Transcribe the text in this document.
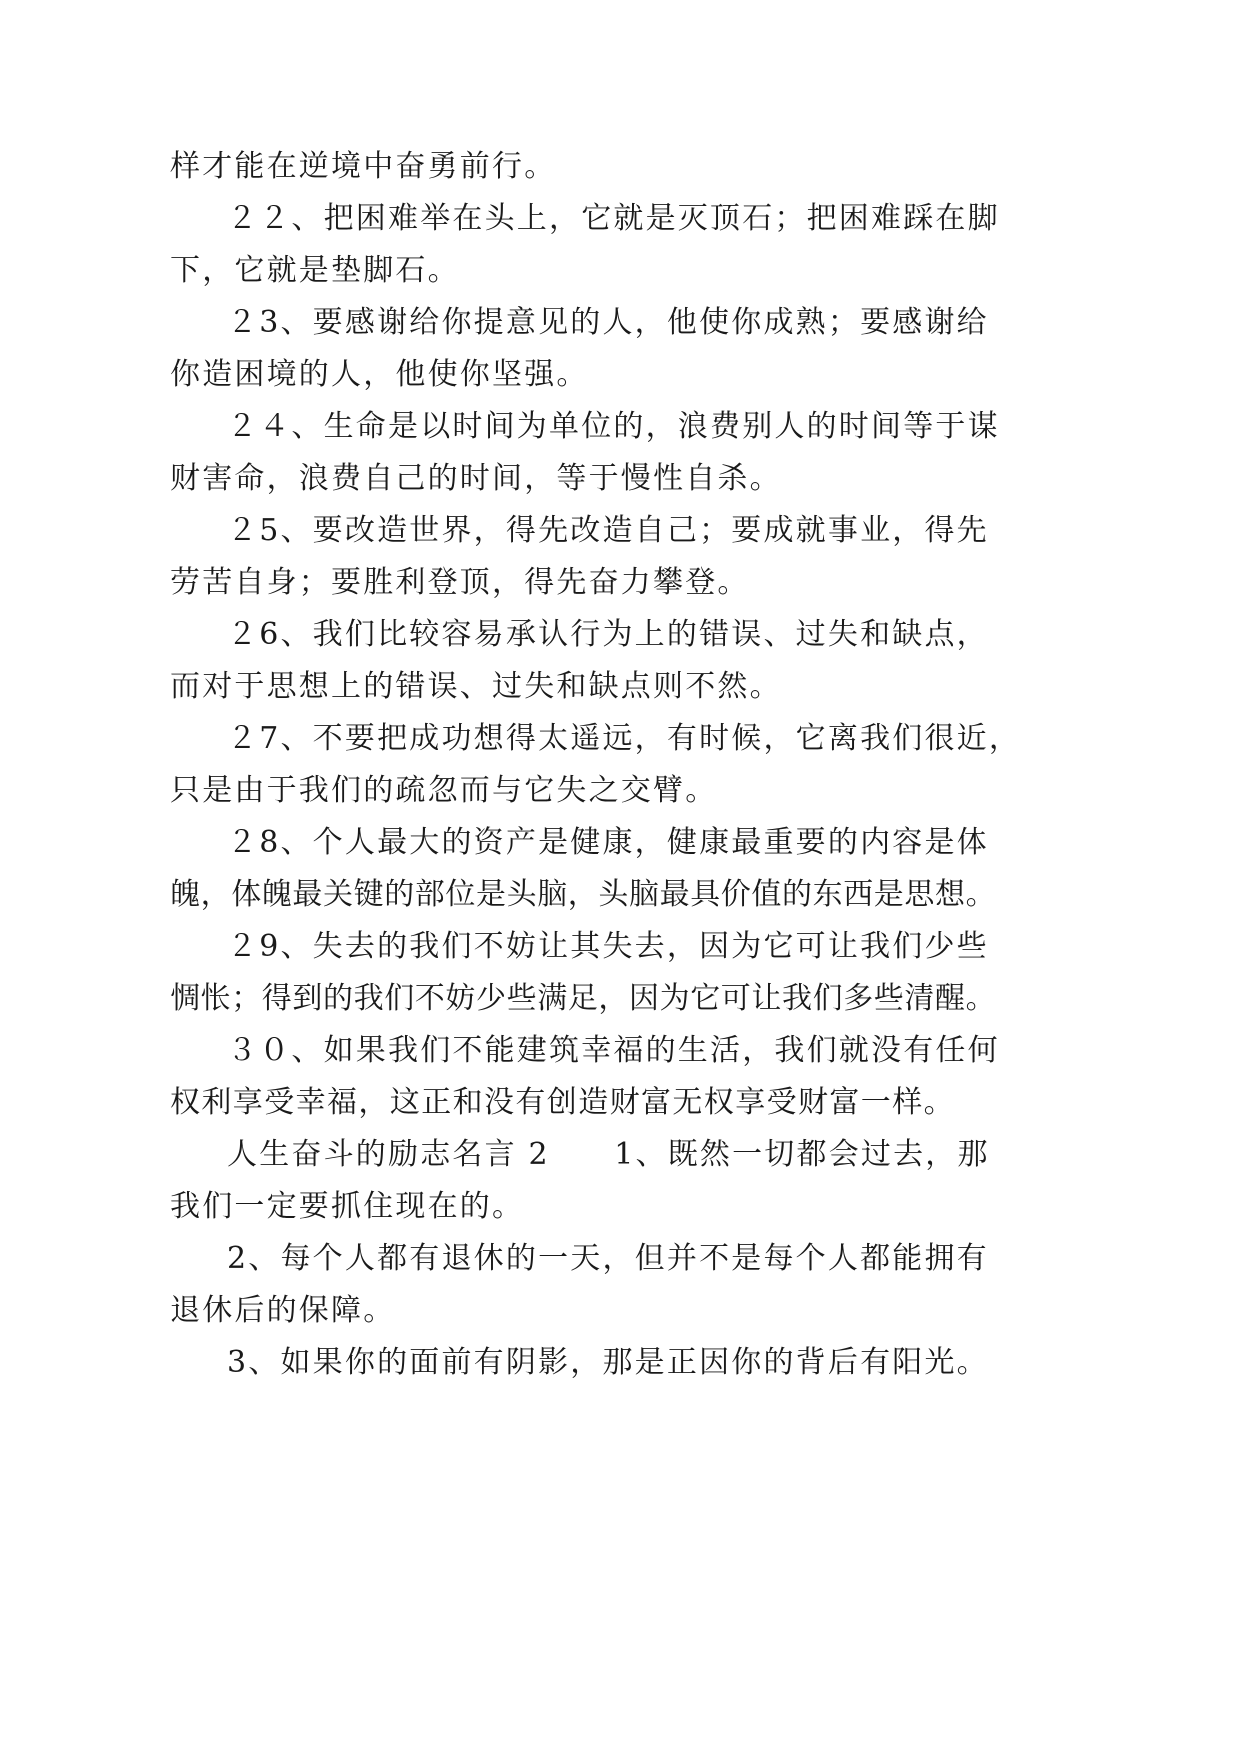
样才能在逆境中奋勇前行。

２２、把困难举在头上，它就是灭顶石；把困难踩在脚

下，它就是垫脚石。

２3、要感谢给你提意见的人，他使你成熟；要感谢给

你造困境的人，他使你坚强。

２４、生命是以时间为单位的，浪费别人的时间等于谋

财害命，浪费自己的时间，等于慢性自杀。

２5、要改造世界，得先改造自己；要成就事业，得先

劳苦自身；要胜利登顶，得先奋力攀登。

２6、我们比较容易承认行为上的错误、过失和缺点，

而对于思想上的错误、过失和缺点则不然。

２7、不要把成功想得太遥远，有时候，它离我们很近，

只是由于我们的疏忽而与它失之交臂。

２8、个人最大的资产是健康，健康最重要的内容是体

魄，体魄最关键的部位是头脑，头脑最具价值的东西是思想。

２9、失去的我们不妨让其失去，因为它可让我们少些

惆怅；得到的我们不妨少些满足，因为它可让我们多些清醒。

３０、如果我们不能建筑幸福的生活，我们就没有任何

权利享受幸福，这正和没有创造财富无权享受财富一样。

人生奋斗的励志名言 2　　1、既然一切都会过去，那

我们一定要抓住现在的。

2、每个人都有退休的一天，但并不是每个人都能拥有

退休后的保障。

3、如果你的面前有阴影，那是正因你的背后有阳光。
